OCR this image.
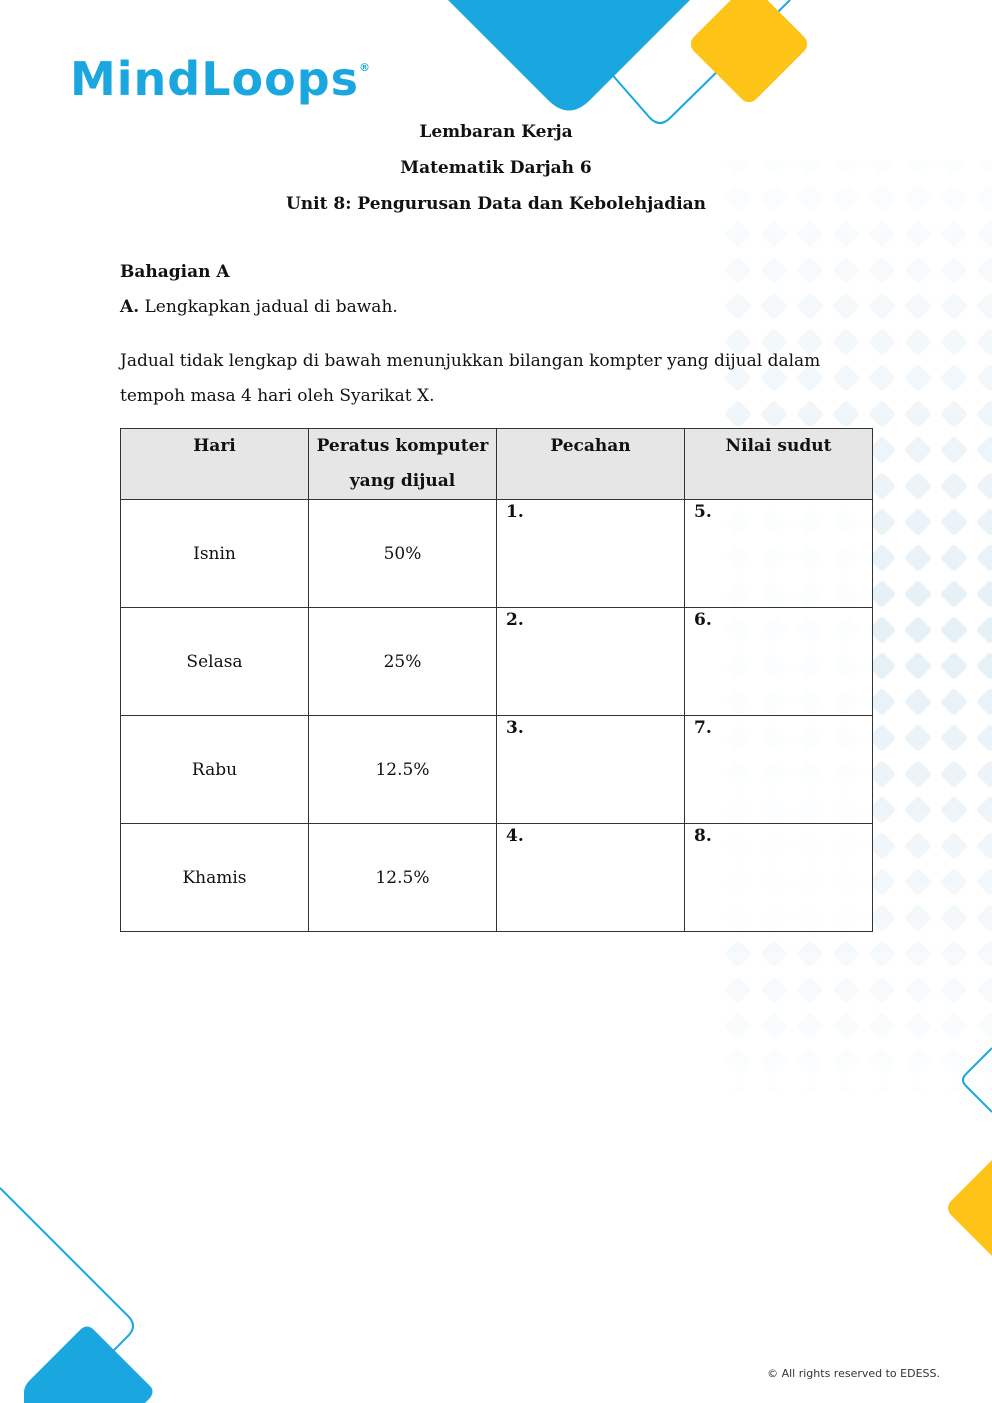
MindLoops®
Lembaran Kerja
Matematik Darjah 6
Unit 8: Pengurusan Data dan Kebolehjadian
Bahagian A
A. Lengkapkan jadual di bawah.
Jadual tidak lengkap di bawah menunjukkan bilangan kompter yang dijual dalam tempoh masa 4 hari oleh Syarikat X.
Hari	Peratus komputer yang dijual	Pecahan	Nilai sudut
Isnin	50%	1.	5.
Selasa	25%	2.	6.
Rabu	12.5%	3.	7.
Khamis	12.5%	4.	8.
© All rights reserved to EDESS.
